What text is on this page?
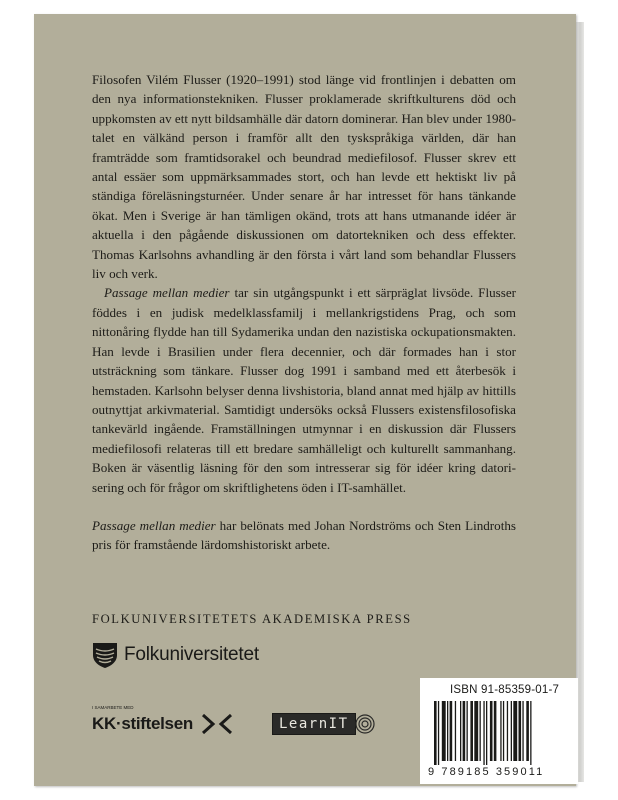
Filosofen Vilém Flusser (1920–1991) stod länge vid frontlinjen i debatten om den nya informationstekniken. Flusser proklamerade skriftkulturens död och uppkomsten av ett nytt bildsamhälle där datorn dominerar. Han blev under 1980-talet en välkänd person i framför allt den tyskspråkiga världen, där han framträdde som framtidsorakel och beundrad mediefilosof. Flusser skrev ett antal essäer som uppmärksammades stort, och han levde ett hektiskt liv på ständiga föreläsningsturnéer. Under senare år har intresset för hans tänkande ökat. Men i Sverige är han tämligen okänd, trots att hans utmanande idéer är aktuella i den pågående diskussionen om datortekniken och dess effekter. Thomas Karlsohns avhandling är den första i vårt land som behandlar Flussers liv och verk.

Passage mellan medier tar sin utgångspunkt i ett särpräglat livsöde. Flusser föddes i en judisk medelklassfamilj i mellankrigstidens Prag, och som nittonåring flydde han till Sydamerika undan den nazistiska ockupationsmakten. Han levde i Brasilien under flera decennier, och där formades han i stor utsträckning som tänkare. Flusser dog 1991 i samband med ett återbesök i hemstaden. Karlsohn belyser denna livshistoria, bland annat med hjälp av hittills outnyttjat arkivmaterial. Samtidigt undersöks också Flussers existensfilosofiska tankevärld ingående. Framställningen utmynnar i en diskussion där Flussers mediefilosofi relateras till ett bredare samhälleligt och kulturellt sammanhang. Boken är väsentlig läsning för den som intresserar sig för idéer kring datorisering och för frågor om skriftlighetens öden i IT-samhället.

Passage mellan medier har belönats med Johan Nordströms och Sten Lindroths pris för framstående lärdomshistoriskt arbete.

FOLKUNIVERSITETETS AKADEMISKA PRESS
Folkuniversitetet
I SAMARBETE MED
KK·stiftelsen	LearnIT
ISBN 91-85359-01-7
9 789185 359011
